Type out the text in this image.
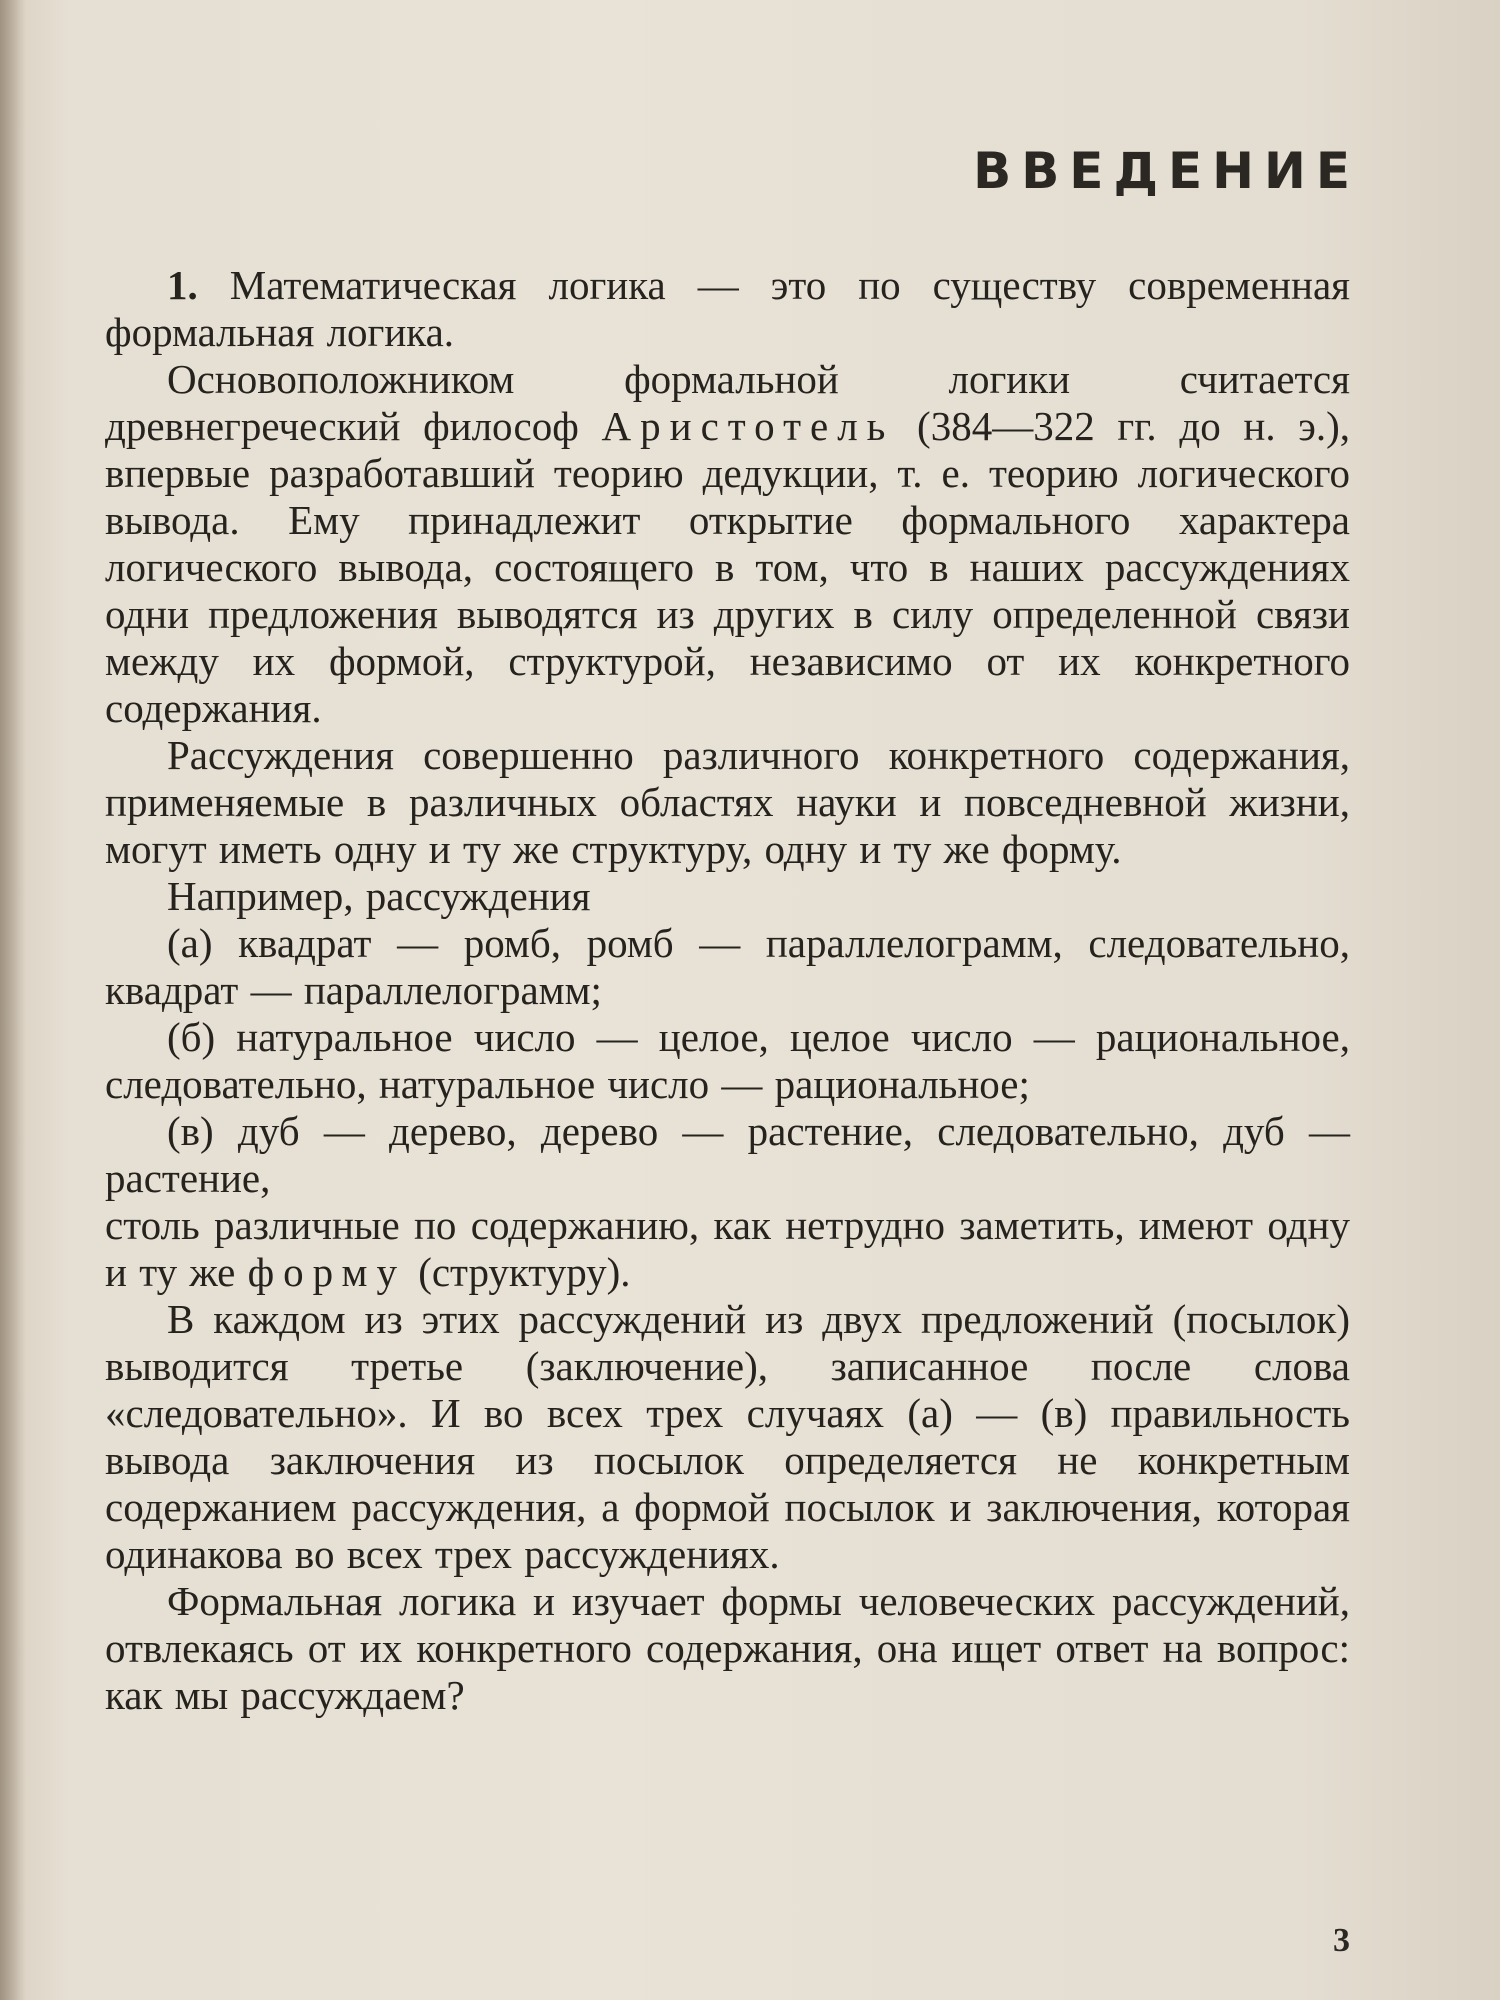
ВВЕДЕНИЕ

1. Математическая логика — это по существу современная формальная логика.

Основоположником формальной логики считается древнегреческий философ Аристотель (384—322 гг. до н. э.), впервые разработавший теорию дедукции, т. е. теорию логического вывода. Ему принадлежит открытие формального характера логического вывода, состоящего в том, что в наших рассуждениях одни предложения выводятся из других в силу определенной связи между их формой, структурой, независимо от их конкретного содержания.

Рассуждения совершенно различного конкретного содержания, применяемые в различных областях науки и повседневной жизни, могут иметь одну и ту же структуру, одну и ту же форму.

Например, рассуждения

(а) квадрат — ромб, ромб — параллелограмм, следовательно, квадрат — параллелограмм;

(б) натуральное число — целое, целое число — рациональное, следовательно, натуральное число — рациональное;

(в) дуб — дерево, дерево — растение, следовательно, дуб — растение,

столь различные по содержанию, как нетрудно заметить, имеют одну и ту же форму (структуру).

В каждом из этих рассуждений из двух предложений (посылок) выводится третье (заключение), записанное после слова «следовательно». И во всех трех случаях (а) — (в) правильность вывода заключения из посылок определяется не конкретным содержанием рассуждения, а формой посылок и заключения, которая одинакова во всех трех рассуждениях.

Формальная логика и изучает формы человеческих рассуждений, отвлекаясь от их конкретного содержания, она ищет ответ на вопрос: как мы рассуждаем?

3
